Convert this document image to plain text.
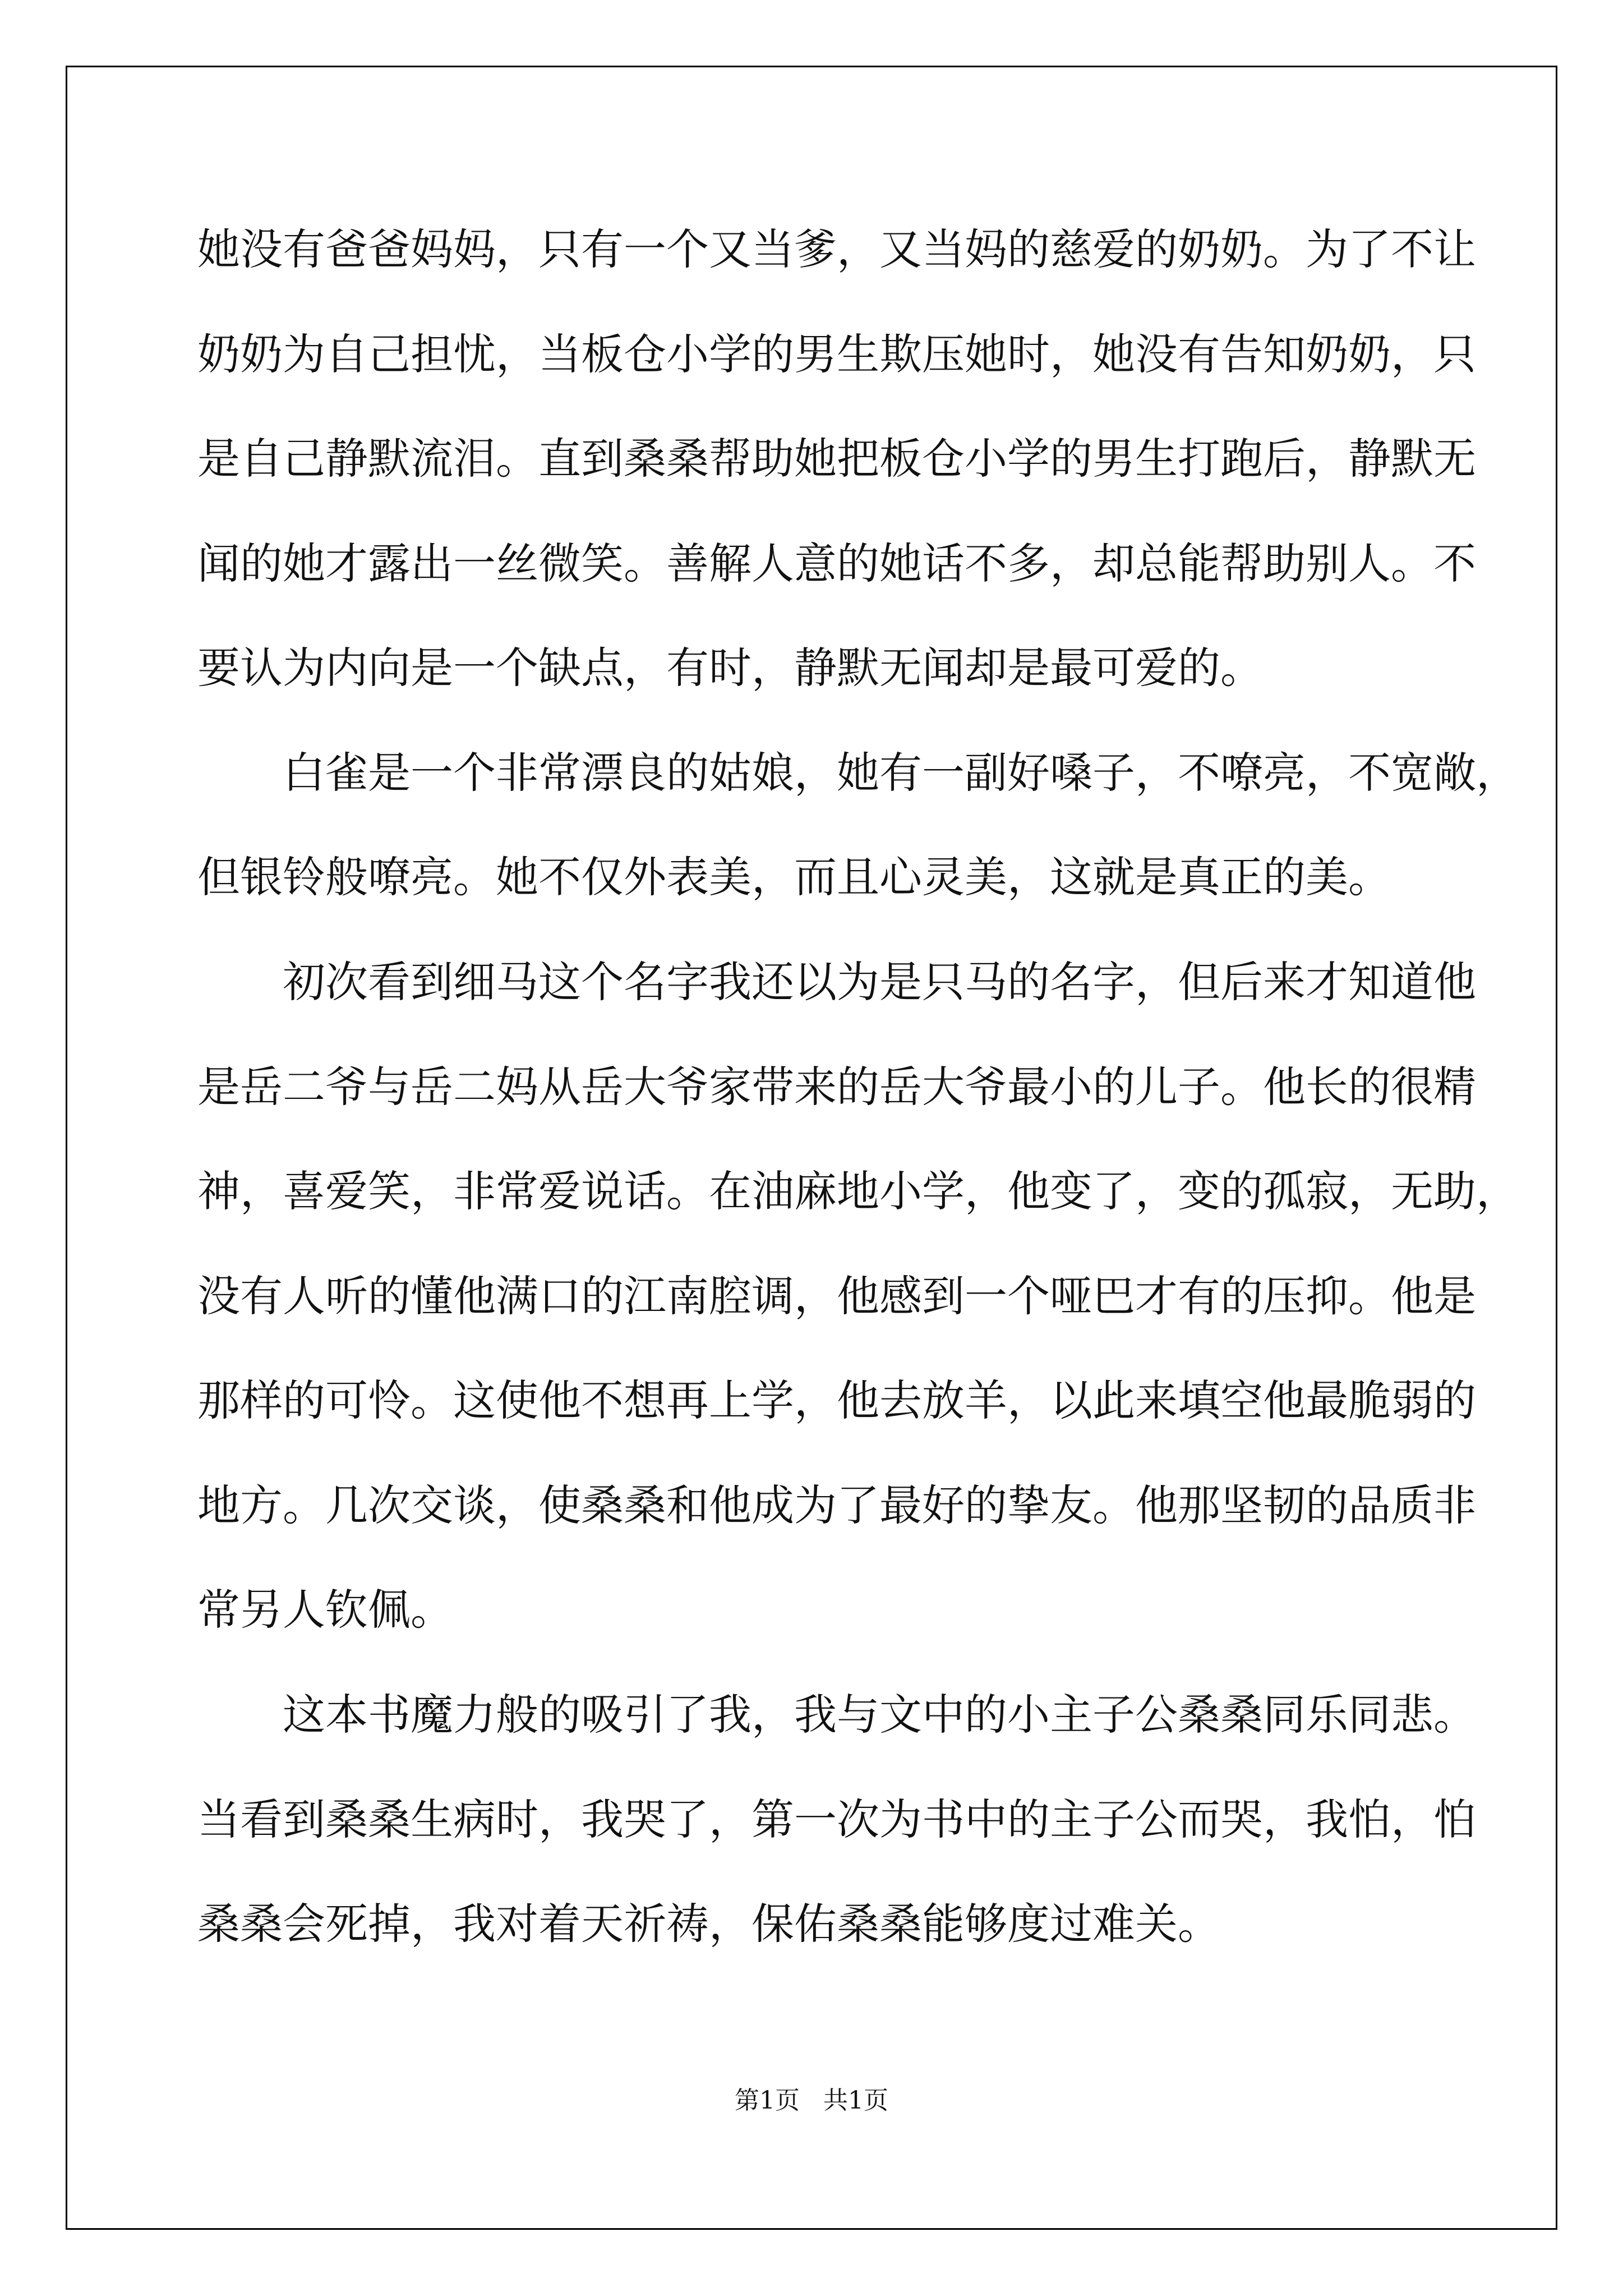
她没有爸爸妈妈，只有一个又当爹，又当妈的慈爱的奶奶。为了不让
奶奶为自己担忧，当板仓小学的男生欺压她时，她没有告知奶奶，只
是自己静默流泪。直到桑桑帮助她把板仓小学的男生打跑后，静默无
闻的她才露出一丝微笑。善解人意的她话不多，却总能帮助别人。不
要认为内向是一个缺点，有时，静默无闻却是最可爱的。
白雀是一个非常漂良的姑娘，她有一副好嗓子，不嘹亮，不宽敞，
但银铃般嘹亮。她不仅外表美，而且心灵美，这就是真正的美。
初次看到细马这个名字我还以为是只马的名字，但后来才知道他
是岳二爷与岳二妈从岳大爷家带来的岳大爷最小的儿子。他长的很精
神，喜爱笑，非常爱说话。在油麻地小学，他变了，变的孤寂，无助，
没有人听的懂他满口的江南腔调，他感到一个哑巴才有的压抑。他是
那样的可怜。这使他不想再上学，他去放羊，以此来填空他最脆弱的
地方。几次交谈，使桑桑和他成为了最好的挚友。他那坚韧的品质非
常另人钦佩。
这本书魔力般的吸引了我，我与文中的小主子公桑桑同乐同悲。
当看到桑桑生病时，我哭了，第一次为书中的主子公而哭，我怕，怕
桑桑会死掉，我对着天祈祷，保佑桑桑能够度过难关。
第1页   共1页
